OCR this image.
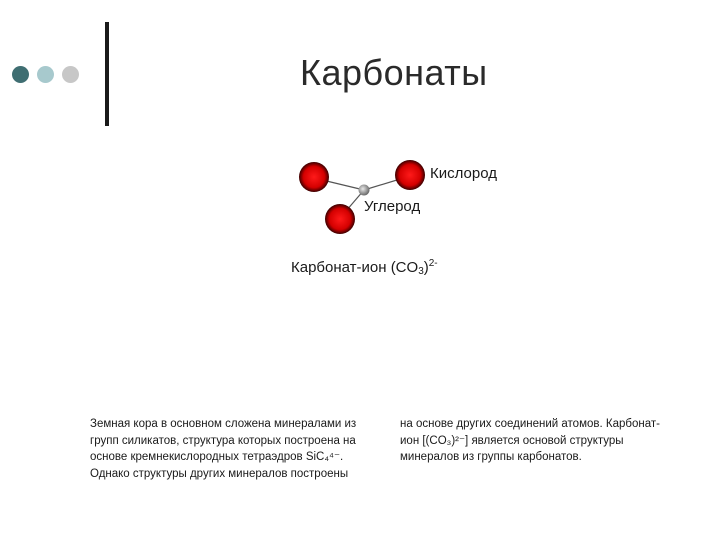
Карбонаты
Кислород
Углерод
Карбонат-ион $(CO_3)^{2-}$
Земная кора в основном сложена минералами из
групп силикатов, структура которых построена на
основе кремнекислородных тетраэдров SiC₄⁴⁻.
Однако структуры других минералов построены
на основе других соединений атомов. Карбонат-
ион [(CO₃)²⁻] является основой структуры
минералов из группы карбонатов.
